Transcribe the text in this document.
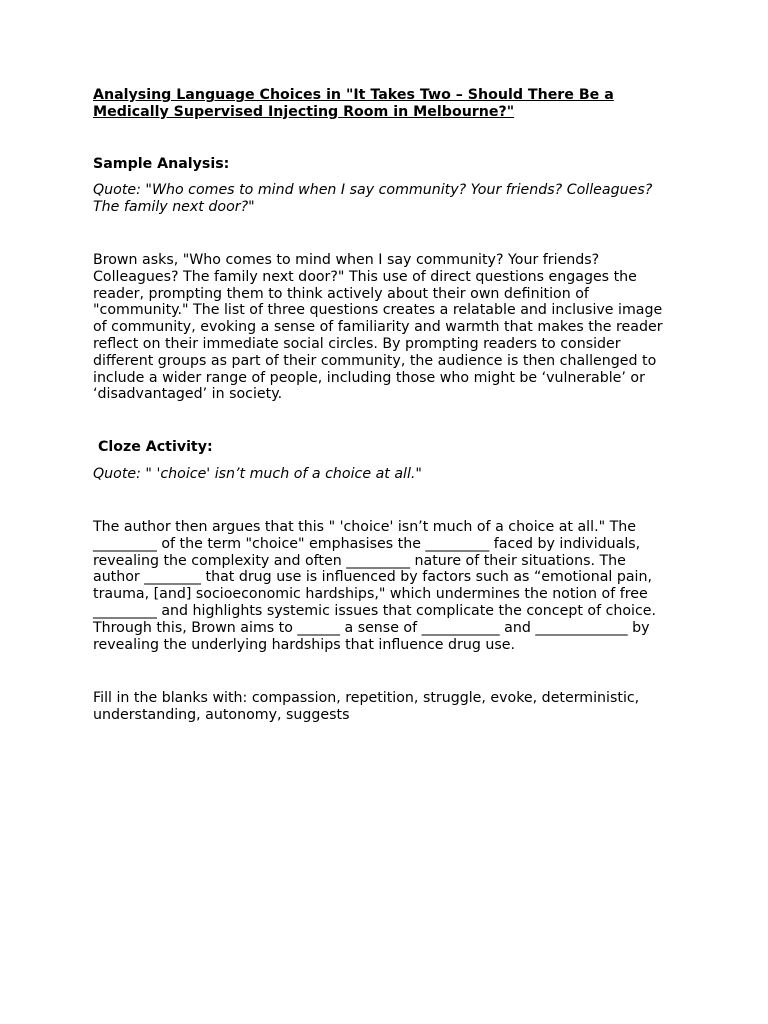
Analysing Language Choices in "It Takes Two – Should There Be a
Medically Supervised Injecting Room in Melbourne?"

Sample Analysis:

Quote: "Who comes to mind when I say community? Your friends? Colleagues?
The family next door?"

Brown asks, "Who comes to mind when I say community? Your friends?
Colleagues? The family next door?" This use of direct questions engages the
reader, prompting them to think actively about their own definition of
"community." The list of three questions creates a relatable and inclusive image
of community, evoking a sense of familiarity and warmth that makes the reader
reflect on their immediate social circles. By prompting readers to consider
different groups as part of their community, the audience is then challenged to
include a wider range of people, including those who might be ‘vulnerable’ or
‘disadvantaged’ in society.

Cloze Activity:

Quote: " 'choice' isn’t much of a choice at all."

The author then argues that this " 'choice' isn’t much of a choice at all." The
_________ of the term "choice" emphasises the _________ faced by individuals,
revealing the complexity and often _________ nature of their situations. The
author ________ that drug use is influenced by factors such as “emotional pain,
trauma, [and] socioeconomic hardships," which undermines the notion of free
_________ and highlights systemic issues that complicate the concept of choice.
Through this, Brown aims to ______ a sense of ___________ and _____________ by
revealing the underlying hardships that influence drug use.

Fill in the blanks with: compassion, repetition, struggle, evoke, deterministic,
understanding, autonomy, suggests
